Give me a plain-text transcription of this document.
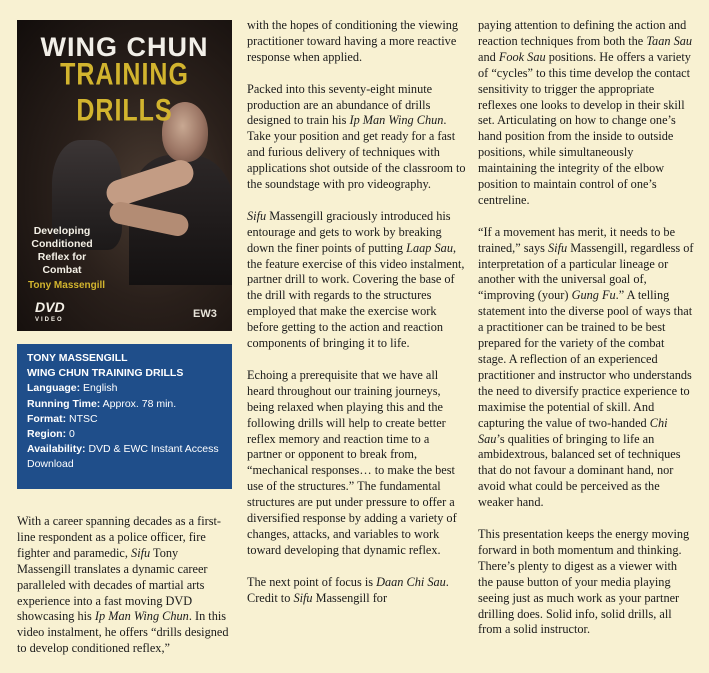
WING CHUN
TRAINING DRILLS
Developing Conditioned Reflex for Combat
Tony Massengill
DVD
VIDEO	EW3
TONY MASSENGILL
WING CHUN TRAINING DRILLS
Language: English
Running Time: Approx. 78 min.
Format: NTSC
Region: 0
Availability: DVD & EWC Instant Access Download

With a career spanning decades as a first-line respondent as a police officer, fire fighter and paramedic, Sifu Tony Massengill translates a dynamic career paralleled with decades of martial arts experience into a fast moving DVD showcasing his Ip Man Wing Chun. In this video instalment, he offers “drills designed to develop conditioned reflex,”

with the hopes of conditioning the viewing practitioner toward having a more reactive response when applied.

Packed into this seventy-eight minute production are an abundance of drills designed to train his Ip Man Wing Chun. Take your position and get ready for a fast and furious delivery of techniques with applications shot outside of the classroom to the soundstage with pro videography.

Sifu Massengill graciously introduced his entourage and gets to work by breaking down the finer points of putting Laap Sau, the feature exercise of this video instalment, partner drill to work. Covering the base of the drill with regards to the structures employed that make the exercise work before getting to the action and reaction components of bringing it to life.

Echoing a prerequisite that we have all heard throughout our training journeys, being relaxed when playing this and the following drills will help to create better reflex memory and reaction time to a partner or opponent to break from, “mechanical responses… to make the best use of the structures.” The fundamental structures are put under pressure to offer a diversified response by adding a variety of changes, attacks, and variables to work toward developing that dynamic reflex.

The next point of focus is Daan Chi Sau. Credit to Sifu Massengill for

paying attention to defining the action and reaction techniques from both the Taan Sau and Fook Sau positions. He offers a variety of “cycles” to this time develop the contact sensitivity to trigger the appropriate reflexes one looks to develop in their skill set. Articulating on how to change one’s hand position from the inside to outside positions, while simultaneously maintaining the integrity of the elbow position to maintain control of one’s centreline.

“If a movement has merit, it needs to be trained,” says Sifu Massengill, regardless of interpretation of a particular lineage or another with the universal goal of, “improving (your) Gung Fu.” A telling statement into the diverse pool of ways that a practitioner can be trained to be best prepared for the variety of the combat stage. A reflection of an experienced practitioner and instructor who understands the need to diversify practice experience to maximise the potential of skill. And capturing the value of two-handed Chi Sau’s qualities of bringing to life an ambidextrous, balanced set of techniques that do not favour a dominant hand, nor avoid what could be perceived as the weaker hand.

This presentation keeps the energy moving forward in both momentum and thinking. There’s plenty to digest as a viewer with the pause button of your media playing seeing just as much work as your partner drilling does. Solid info, solid drills, all from a solid instructor.
